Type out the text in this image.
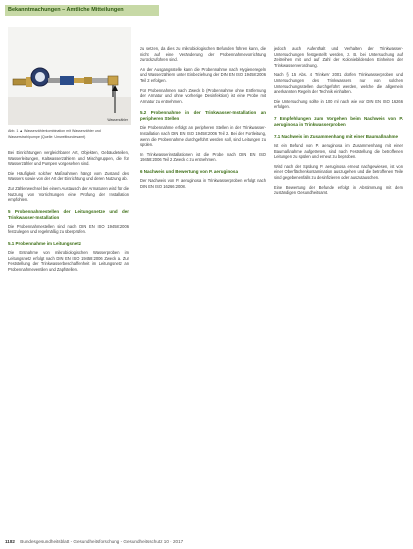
Bekanntmachungen – Amtliche Mitteilungen
Wasserzähler
Abb. 1 ▲ Wasserzählerkombination mit Wasserzähler und Wasserstrahlpumpe (Quelle: Umweltbundesamt)

Bei Einrichtungen vergleichbarer Art, Objekten, Gebäudeteilen, Wasserleitungen, Kaltwasserzählern und Mischgruppen, die für Wasserzähler und Pumpen vorgesehen sind.

Die Häufigkeit solcher Maßnahmen hängt vom Zustand des Wassers sowie von der Art der Einrichtung und deren Nutzung ab.

Zur Zählerwechsel bei einem Austausch der Armaturen wird für die Nutzung von Vorrichtungen eine Prüfung der Installation empfohlen.

5 Probennahmestellen der Leitungsnetze und der Trinkwasser-Installation

Die Probennahmestellen sind nach DIN EN ISO 19458:2006 festzulegen und regelmäßig zu überprüfen.

5.1 Probennahme im Leitungsnetz

Die Entnahme von mikrobiologischen Wasserproben im Leitungsnetz erfolgt nach DIN EN ISO 19458:2006 Zweck a. Zur Feststellung der Trinkwasserbeschaffenheit im Leitungsnetz an Probennahmeventilen und Zapfstellen.

zu setzen, da dies zu mikrobiologischen Befunden führen kann, die nicht auf eine Veränderung der Probennahmevorrichtung zurückzuführen sind.

An der Ausgangsstelle kann die Probennahme nach Hygieneregeln und Wasserzählern unter Einbeziehung der DIN EN ISO 19458:2006 Teil 2 erfolgen.

Für Probennahmen nach Zweck b (Probennahme ohne Entfernung der Armatur und ohne vorherige Desinfektion) ist eine Probe mit Armatur zu entnehmen.

5.2 Probennahme in der Trinkwasser-Installation an peripheren Stellen

Die Probennahme erfolgt an peripheren Stellen in der Trinkwasser-Installation nach DIN EN ISO 19458:2006 Teil 2. Bei der Fortleitung, wenn die Probennahme durchgeführt werden soll, sind Leitungen zu spülen.

In Trinkwasserinstallationen ist die Probe nach DIN EN ISO 19458:2006 Teil 2 Zweck c zu entnehmen.

6 Nachweis und Bewertung von P. aeruginosa

Der Nachweis von P. aeruginosa in Trinkwasserproben erfolgt nach DIN EN ISO 16266:2008.

jedoch auch Aufenthalt und Verhalten der Trinkwasser-Untersuchungen festgestellt werden, z. B. bei Untersuchung auf Zeitreihen mit und auf Zahl der Koloniebildenden Einheiten der Trinkwasserverordnung.

Nach § 15 Abs. 4 TrinkwV 2001 dürfen Trinkwasserproben und Untersuchungen des Trinkwassers nur von solchen Untersuchungsstellen durchgeführt werden, welche die allgemein anerkannten Regeln der Technik einhalten.

Die Untersuchung sollte in 100 ml nach wie vor DIN EN ISO 16266 erfolgen.

7 Empfehlungen zum Vorgehen beim Nachweis von P. aeruginosa in Trinkwasserproben
7.1 Nachweis im Zusammenhang mit einer Baumaßnahme

Ist ein Befund von P. aeruginosa im Zusammenhang mit einer Baumaßnahme aufgetreten, sind nach Feststellung die betroffenen Leitungen zu spülen und erneut zu beproben.

Wird nach der Spülung P. aeruginosa erneut nachgewiesen, ist von einer Oberflächenkontamination auszugehen und die betroffenen Teile sind gegebenenfalls zu desinfizieren oder auszutauschen.

Eine Bewertung der Befunde erfolgt in Abstimmung mit dem zuständigen Gesundheitsamt.

1182 Bundesgesundheitsblatt - Gesundheitsforschung - Gesundheitsschutz 10 · 2017
